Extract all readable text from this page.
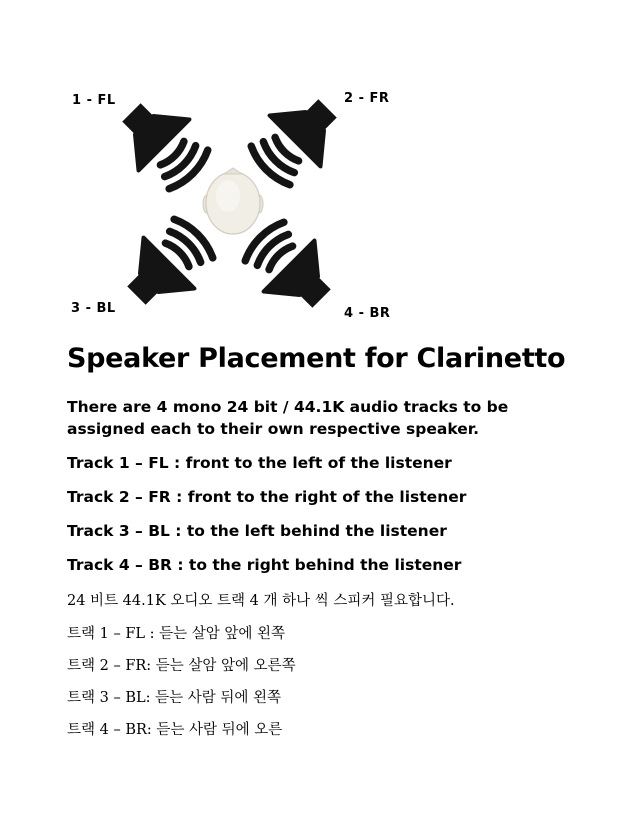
1 - FL	2 - FR
3 - BL	4 - BR
Speaker Placement for Clarinetto

There are 4 mono 24 bit / 44.1K audio tracks to be

assigned each to their own respective speaker.

Track 1 – FL : front to the left of the listener

Track 2 – FR : front to the right of the listener

Track 3 – BL : to the left behind the listener

Track 4 – BR : to the right behind the listener

24 비트 44.1K 오디오 트랙 4 개 하나 씩 스피커 필요합니다.

트랙 1 – FL : 듣는 살암 앞에 왼쪽

트랙 2 – FR: 듣는 살암 앞에 오른쪽

트랙 3 – BL: 듣는 사람 뒤에 왼쪽

트랙 4 – BR: 듣는 사람 뒤에 오른
